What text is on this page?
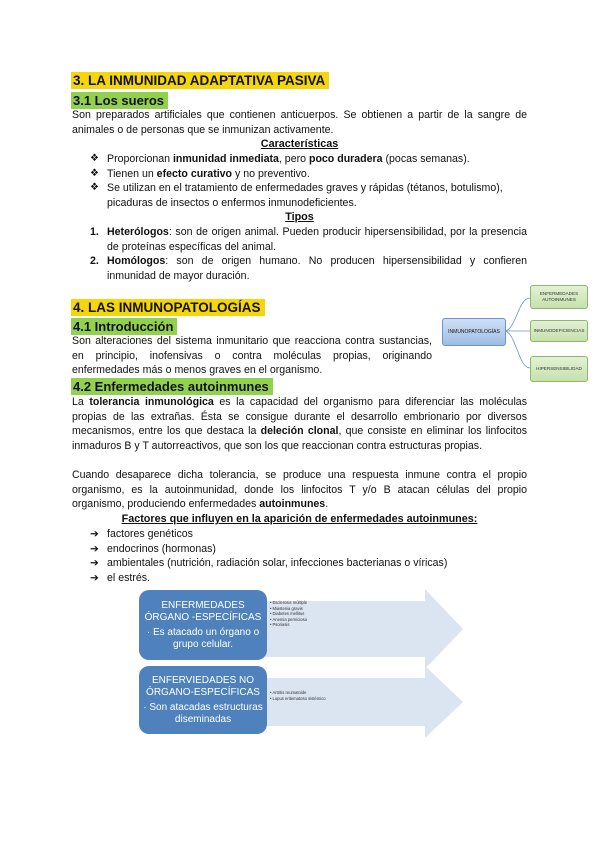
3. LA INMUNIDAD ADAPTATIVA PASIVA
3.1 Los sueros
Son preparados artificiales que contienen anticuerpos. Se obtienen a partir de la sangre de animales o de personas que se inmunizan activamente.
Características
❖ Proporcionan inmunidad inmediata, pero poco duradera (pocas semanas).
❖ Tienen un efecto curativo y no preventivo.
❖ Se utilizan en el tratamiento de enfermedades graves y rápidas (tétanos, botulismo), picaduras de insectos o enfermos inmunodeficientes.
Tipos
1. Heterólogos: son de origen animal. Pueden producir hipersensibilidad, por la presencia de proteínas específicas del animal.
2. Homólogos: son de origen humano. No producen hipersensibilidad y confieren inmunidad de mayor duración.
4. LAS INMUNOPATOLOGÍAS
4.1 Introducción
Son alteraciones del sistema inmunitario que reacciona contra sustancias, en principio, inofensivas o contra moléculas propias, originando enfermedades más o menos graves en el organismo.
INMUNOPATOLOGÍAS
ENFERMEDADES AUTOINMUNES
INMUNODEFICIENCIAS
HIPERSENSIBILIDAD
4.2 Enfermedades autoinmunes
La tolerancia inmunológica es la capacidad del organismo para diferenciar las moléculas propias de las extrañas. Ésta se consigue durante el desarrollo embrionario por diversos mecanismos, entre los que destaca la deleción clonal, que consiste en eliminar los linfocitos inmaduros B y T autorreactivos, que son los que reaccionan contra estructuras propias.
Cuando desaparece dicha tolerancia, se produce una respuesta inmune contra el propio organismo, es la autoinmunidad, donde los linfocitos T y/o B atacan células del propio organismo, produciendo enfermedades autoinmunes.
Factores que influyen en la aparición de enfermedades autoinmunes:
➔ factores genéticos
➔ endocrinos (hormonas)
➔ ambientales (nutrición, radiación solar, infecciones bacterianas o víricas)
➔ el estrés.
ENFERMEDADES ÓRGANO -ESPECÍFICAS
· Es atacado un órgano o grupo celular.
ENFERVIEDADES NO ÓRGANO-ESPECÍFICAS
· Son atacadas estructuras diseminadas
• Esclerosis múltiple
• Miastenia gravis
• Diabetes mellitus
• Anemia perniciosa
• Psoriasis
• Artritis reumatoide
• Lupus eritematoso sistémico
